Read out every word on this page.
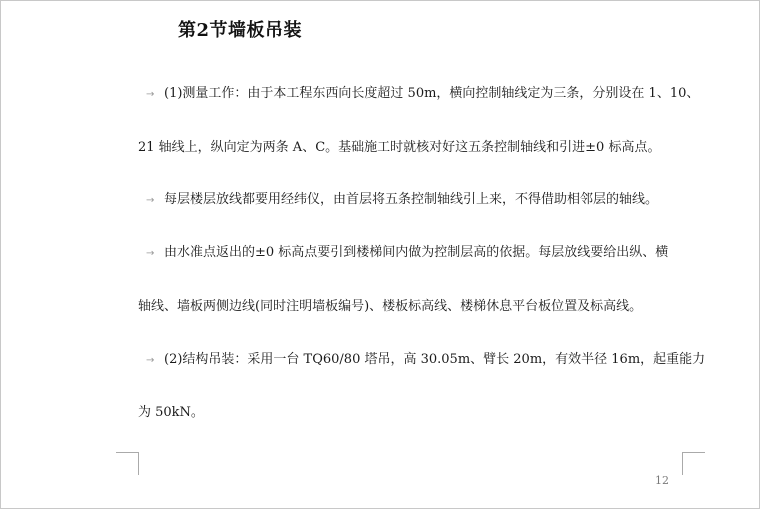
第2节墙板吊装
→ (1)测量工作：由于本工程东西向长度超过 50m，横向控制轴线定为三条，分别设在 1、10、
21 轴线上，纵向定为两条 A、C。基础施工时就核对好这五条控制轴线和引进±0 标高点。
→ 每层楼层放线都要用经纬仪，由首层将五条控制轴线引上来，不得借助相邻层的轴线。
→ 由水准点返出的±0 标高点要引到楼梯间内做为控制层高的依据。每层放线要给出纵、横
轴线、墙板两侧边线(同时注明墙板编号)、楼板标高线、楼梯休息平台板位置及标高线。
→ (2)结构吊装：采用一台 TQ60/80 塔吊，高 30.05m、臂长 20m，有效半径 16m，起重能力
为 50kN。
12
